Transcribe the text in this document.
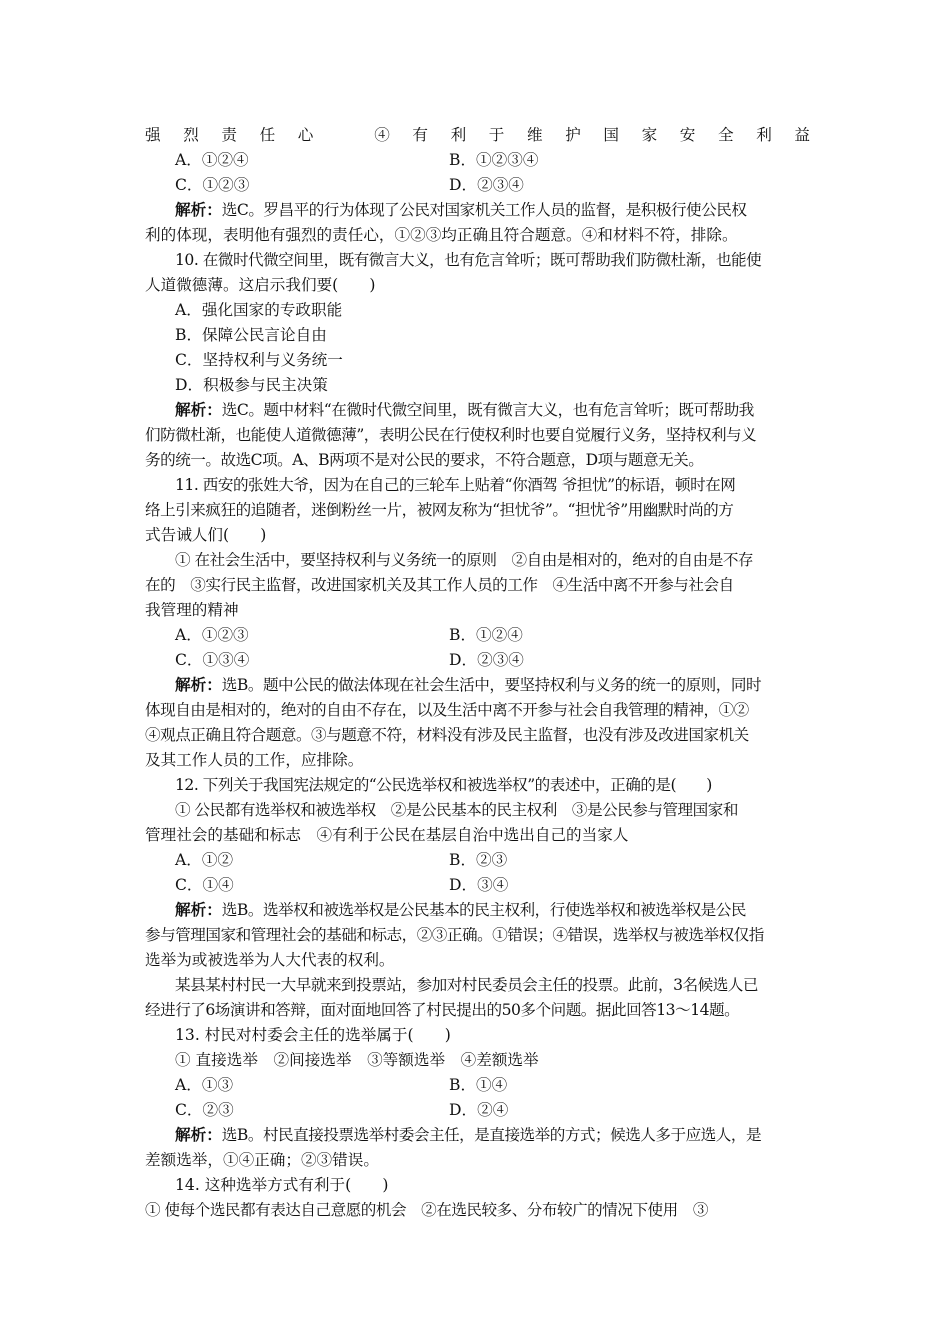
强烈责任心　④有利于维护国家安全利益
A．①②④	B．①②③④
C．①②③	D．②③④
解析：选C。罗昌平的行为体现了公民对国家机关工作人员的监督，是积极行使公民权
利的体现，表明他有强烈的责任心，①②③均正确且符合题意。④和材料不符，排除。
10. 在微时代微空间里，既有微言大义，也有危言耸听；既可帮助我们防微杜渐，也能使
人道微德薄。这启示我们要(　　)
A．强化国家的专政职能
B．保障公民言论自由
C．坚持权利与义务统一
D．积极参与民主决策
解析：选C。题中材料“在微时代微空间里，既有微言大义，也有危言耸听；既可帮助我
们防微杜渐，也能使人道微德薄”，表明公民在行使权利时也要自觉履行义务，坚持权利与义
务的统一。故选C项。A、B两项不是对公民的要求，不符合题意，D项与题意无关。
11. 西安的张姓大爷，因为在自己的三轮车上贴着“你酒驾 爷担忧”的标语，顿时在网
络上引来疯狂的追随者，迷倒粉丝一片，被网友称为“担忧爷”。“担忧爷”用幽默时尚的方
式告诫人们(　　)
① 在社会生活中，要坚持权利与义务统一的原则　②自由是相对的，绝对的自由是不存
在的　③实行民主监督，改进国家机关及其工作人员的工作　④生活中离不开参与社会自
我管理的精神
A．①②③	B．①②④
C．①③④	D．②③④
解析：选B。题中公民的做法体现在社会生活中，要坚持权利与义务的统一的原则，同时
体现自由是相对的，绝对的自由不存在，以及生活中离不开参与社会自我管理的精神，①②
④观点正确且符合题意。③与题意不符，材料没有涉及民主监督，也没有涉及改进国家机关
及其工作人员的工作，应排除。
12. 下列关于我国宪法规定的“公民选举权和被选举权”的表述中，正确的是(　　)
① 公民都有选举权和被选举权　②是公民基本的民主权利　③是公民参与管理国家和
管理社会的基础和标志　④有利于公民在基层自治中选出自己的当家人
A．①②	B．②③
C．①④	D．③④
解析：选B。选举权和被选举权是公民基本的民主权利，行使选举权和被选举权是公民
参与管理国家和管理社会的基础和标志，②③正确。①错误；④错误，选举权与被选举权仅指
选举为或被选举为人大代表的权利。
某县某村村民一大早就来到投票站，参加对村民委员会主任的投票。此前，3名候选人已
经进行了6场演讲和答辩，面对面地回答了村民提出的50多个问题。据此回答13～14题。
13. 村民对村委会主任的选举属于(　　)
① 直接选举　②间接选举　③等额选举　④差额选举
A．①③	B．①④
C．②③	D．②④
解析：选B。村民直接投票选举村委会主任，是直接选举的方式；候选人多于应选人，是
差额选举，①④正确；②③错误。
14. 这种选举方式有利于(　　)
① 使每个选民都有表达自己意愿的机会　②在选民较多、分布较广的情况下使用　③
